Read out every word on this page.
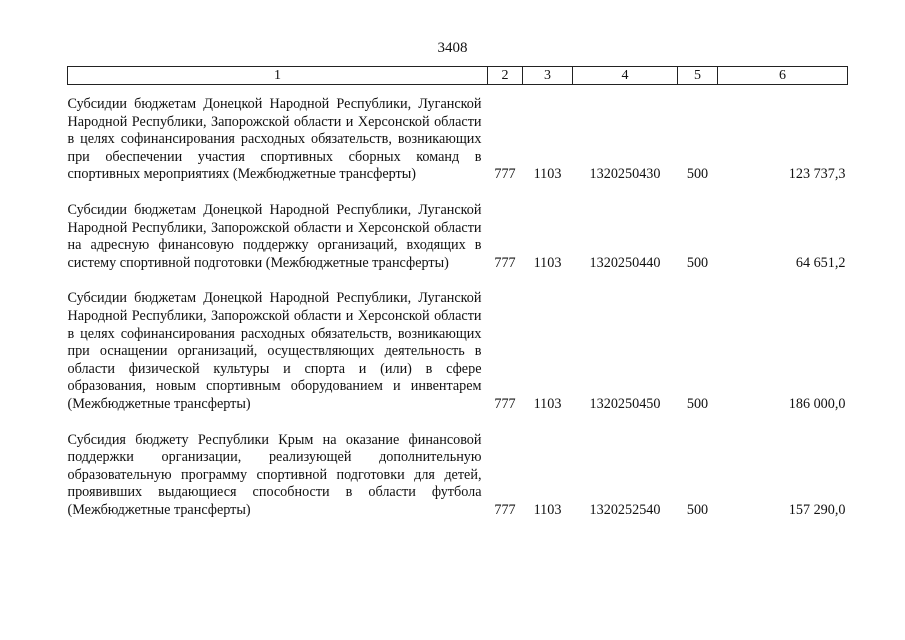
3408
1	2	3	4	5	6

Субсидии бюджетам Донецкой Народной Республики, Луганской Народной Республики, Запорожской области и Херсонской области в целях софинансирования расходных обязательств, возникающих при обеспечении участия спортивных сборных команд в спортивных мероприятиях (Межбюджетные трансферты)	777	1103	1320250430	500	123 737,3

Субсидии бюджетам Донецкой Народной Республики, Луганской Народной Республики, Запорожской области и Херсонской области на адресную финансовую поддержку организаций, входящих в систему спортивной подготовки (Межбюджетные трансферты)	777	1103	1320250440	500	64 651,2

Субсидии бюджетам Донецкой Народной Республики, Луганской Народной Республики, Запорожской области и Херсонской области в целях софинансирования расходных обязательств, возникающих при оснащении организаций, осуществляющих деятельность в области физической культуры и спорта и (или) в сфере образования, новым спортивным оборудованием и инвентарем (Межбюджетные трансферты)	777	1103	1320250450	500	186 000,0

Субсидия бюджету Республики Крым на оказание финансовой поддержки организации, реализующей дополнительную образовательную программу спортивной подготовки для детей, проявивших выдающиеся способности в области футбола (Межбюджетные трансферты)	777	1103	1320252540	500	157 290,0
